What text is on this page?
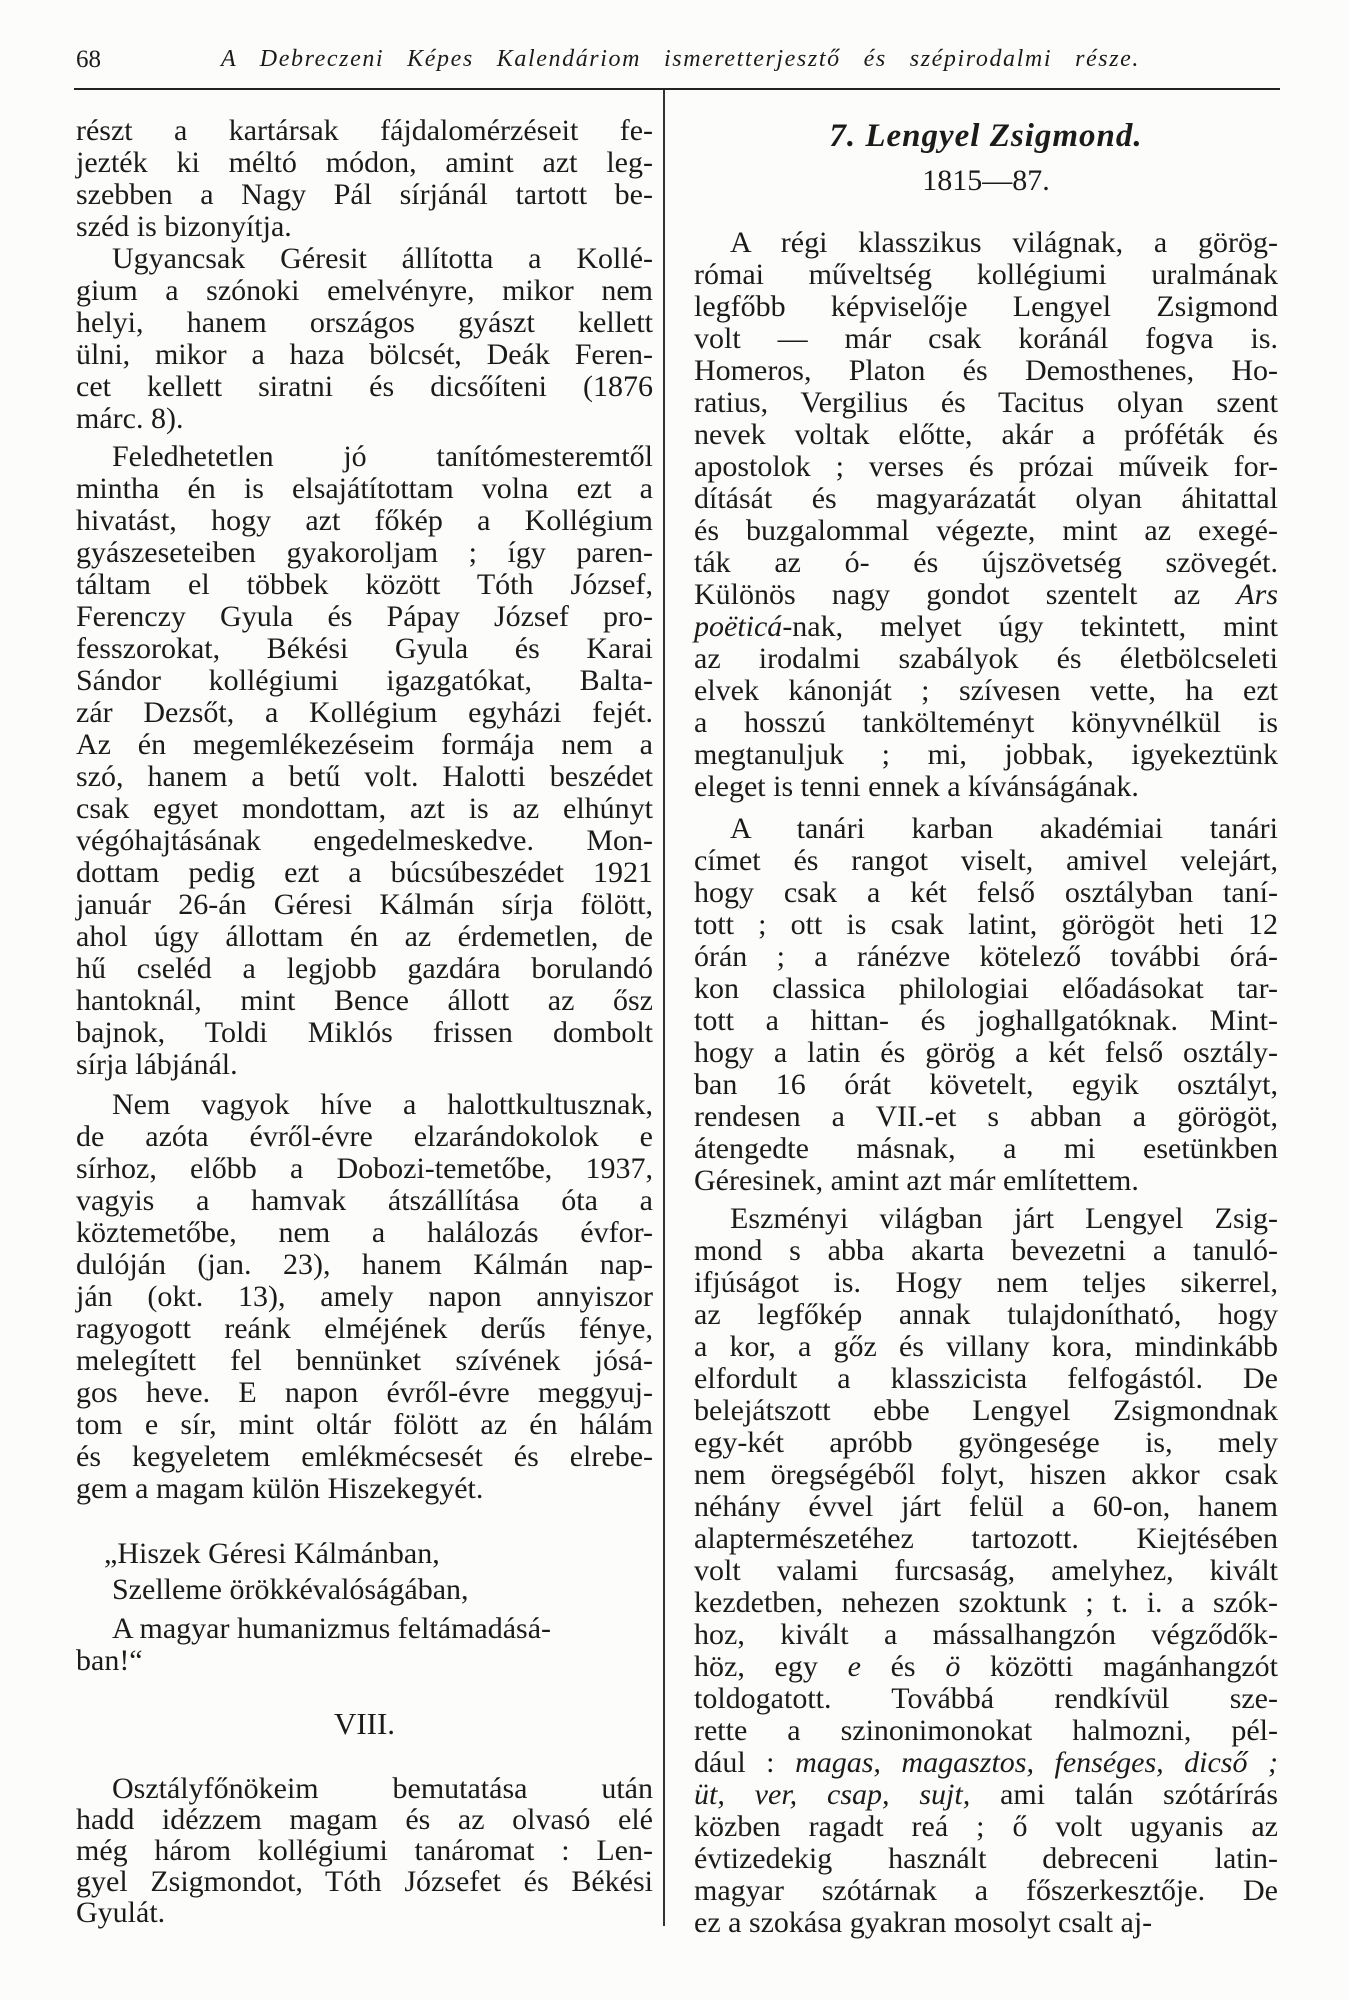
68	A Debreczeni Képes Kalendáriom ismeretterjesztő és szépirodalmi része.
részt a kartársak fájdalomérzéseit fe-
jezték ki méltó módon, amint azt leg-
szebben a Nagy Pál sírjánál tartott be-
széd is bizonyítja.
Ugyancsak Géresit állította a Kollé-
gium a szónoki emelvényre, mikor nem
helyi, hanem országos gyászt kellett
ülni, mikor a haza bölcsét, Deák Feren-
cet kellett siratni és dicsőíteni (1876
márc. 8).
Feledhetetlen jó tanítómesteremtől
mintha én is elsajátítottam volna ezt a
hivatást, hogy azt főkép a Kollégium
gyászeseteiben gyakoroljam ; így paren-
táltam el többek között Tóth József,
Ferenczy Gyula és Pápay József pro-
fesszorokat, Békési Gyula és Karai
Sándor kollégiumi igazgatókat, Balta-
zár Dezsőt, a Kollégium egyházi fejét.
Az én megemlékezéseim formája nem a
szó, hanem a betű volt. Halotti beszédet
csak egyet mondottam, azt is az elhúnyt
végóhajtásának engedelmeskedve. Mon-
dottam pedig ezt a búcsúbeszédet 1921
január 26-án Géresi Kálmán sírja fölött,
ahol úgy állottam én az érdemetlen, de
hű cseléd a legjobb gazdára borulandó
hantoknál, mint Bence állott az ősz
bajnok, Toldi Miklós frissen dombolt
sírja lábjánál.
Nem vagyok híve a halottkultusznak,
de azóta évről-évre elzarándokolok e
sírhoz, előbb a Dobozi-temetőbe, 1937,
vagyis a hamvak átszállítása óta a
köztemetőbe, nem a halálozás évfor-
dulóján (jan. 23), hanem Kálmán nap-
ján (okt. 13), amely napon annyiszor
ragyogott reánk elméjének derűs fénye,
melegített fel bennünket szívének jósá-
gos heve. E napon évről-évre meggyuj-
tom e sír, mint oltár fölött az én hálám
és kegyeletem emlékmécsesét és elrebe-
gem a magam külön Hiszekegyét.
„Hiszek Géresi Kálmánban,
Szelleme örökkévalóságában,
A magyar humanizmus feltámadásá-
ban!“
VIII.
Osztályfőnökeim bemutatása után
hadd idézzem magam és az olvasó elé
még három kollégiumi tanáromat : Len-
gyel Zsigmondot, Tóth Józsefet és Békési
Gyulát.
7. Lengyel Zsigmond.
1815—87.
A régi klasszikus világnak, a görög-
római műveltség kollégiumi uralmának
legfőbb képviselője Lengyel Zsigmond
volt — már csak koránál fogva is.
Homeros, Platon és Demosthenes, Ho-
ratius, Vergilius és Tacitus olyan szent
nevek voltak előtte, akár a próféták és
apostolok ; verses és prózai műveik for-
dítását és magyarázatát olyan áhitattal
és buzgalommal végezte, mint az exegé-
ták az ó- és újszövetség szövegét.
Különös nagy gondot szentelt az Ars
poëticá-nak, melyet úgy tekintett, mint
az irodalmi szabályok és életbölcseleti
elvek kánonját ; szívesen vette, ha ezt
a hosszú tankölteményt könyvnélkül is
megtanuljuk ; mi, jobbak, igyekeztünk
eleget is tenni ennek a kívánságának.
A tanári karban akadémiai tanári
címet és rangot viselt, amivel velejárt,
hogy csak a két felső osztályban taní-
tott ; ott is csak latint, görögöt heti 12
órán ; a ránézve kötelező további órá-
kon classica philologiai előadásokat tar-
tott a hittan- és joghallgatóknak. Mint-
hogy a latin és görög a két felső osztály-
ban 16 órát követelt, egyik osztályt,
rendesen a VII.-et s abban a görögöt,
átengedte másnak, a mi esetünkben
Géresinek, amint azt már említettem.
Eszményi világban járt Lengyel Zsig-
mond s abba akarta bevezetni a tanuló-
ifjúságot is. Hogy nem teljes sikerrel,
az legfőkép annak tulajdonítható, hogy
a kor, a gőz és villany kora, mindinkább
elfordult a klasszicista felfogástól. De
belejátszott ebbe Lengyel Zsigmondnak
egy-két apróbb gyöngesége is, mely
nem öregségéből folyt, hiszen akkor csak
néhány évvel járt felül a 60-on, hanem
alaptermészetéhez tartozott. Kiejtésében
volt valami furcsaság, amelyhez, kivált
kezdetben, nehezen szoktunk ; t. i. a szók-
hoz, kivált a mássalhangzón végződők-
höz, egy e és ö közötti magánhangzót
toldogatott. Továbbá rendkívül sze-
rette a szinonimonokat halmozni, pél-
dául : magas, magasztos, fenséges, dicső ;
üt, ver, csap, sujt, ami talán szótárírás
közben ragadt reá ; ő volt ugyanis az
évtizedekig használt debreceni latin-
magyar szótárnak a főszerkesztője. De
ez a szokása gyakran mosolyt csalt aj-
